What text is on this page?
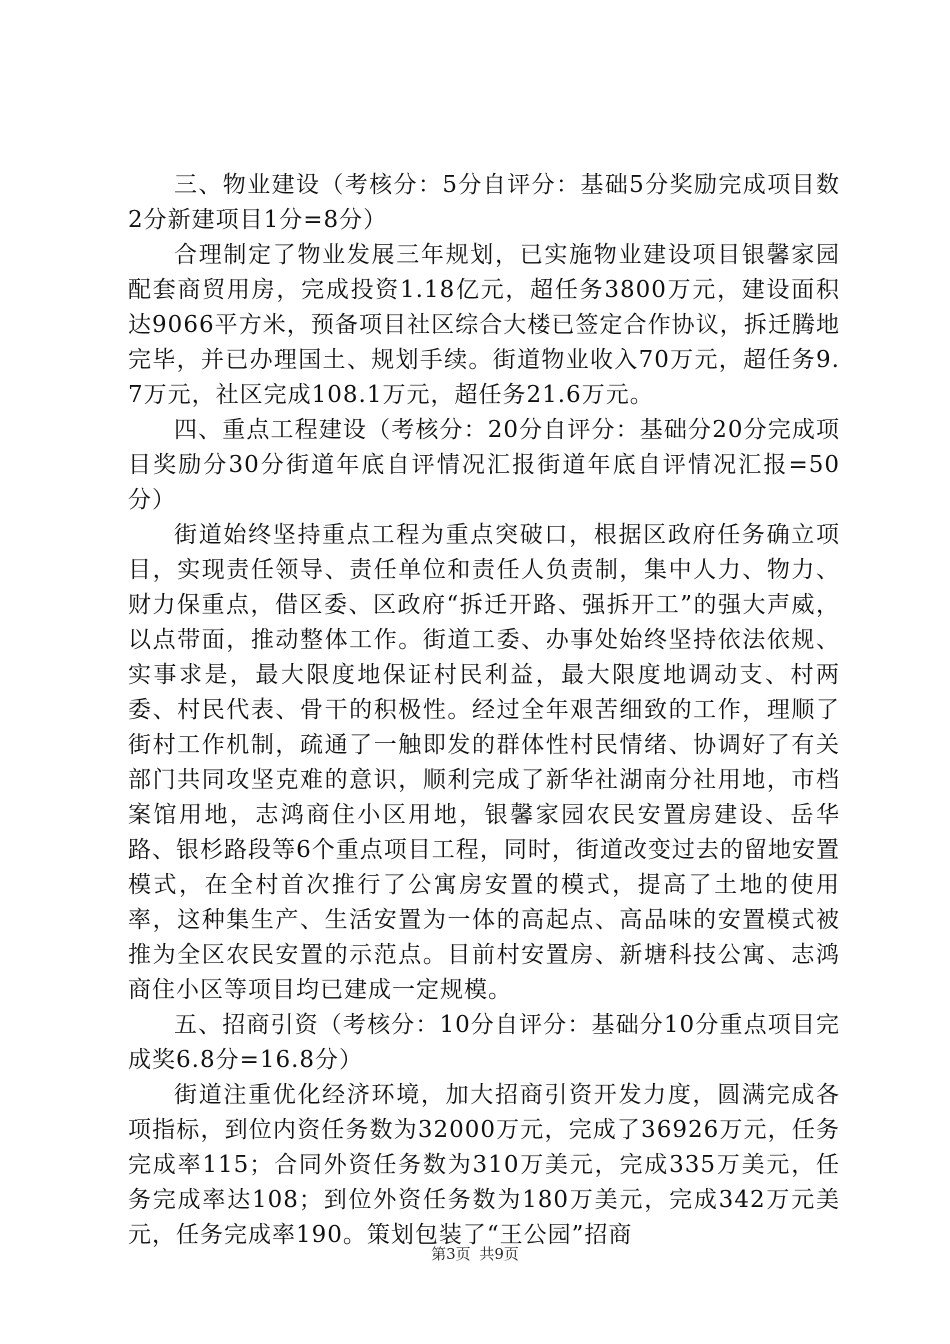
三、物业建设（考核分：5分自评分：基础5分奖励完成项目数2分新建项目1分=8分）

合理制定了物业发展三年规划，已实施物业建设项目银馨家园配套商贸用房，完成投资1.18亿元，超任务3800万元，建设面积达9066平方米，预备项目社区综合大楼已签定合作协议，拆迁腾地完毕，并已办理国土、规划手续。街道物业收入70万元，超任务9.7万元，社区完成108.1万元，超任务21.6万元。

四、重点工程建设（考核分：20分自评分：基础分20分完成项目奖励分30分街道年底自评情况汇报街道年底自评情况汇报=50分）

街道始终坚持重点工程为重点突破口，根据区政府任务确立项目，实现责任领导、责任单位和责任人负责制，集中人力、物力、财力保重点，借区委、区政府“拆迁开路、强拆开工”的强大声威，以点带面，推动整体工作。街道工委、办事处始终坚持依法依规、实事求是，最大限度地保证村民利益，最大限度地调动支、村两委、村民代表、骨干的积极性。经过全年艰苦细致的工作，理顺了街村工作机制，疏通了一触即发的群体性村民情绪、协调好了有关部门共同攻坚克难的意识，顺利完成了新华社湖南分社用地，市档案馆用地，志鸿商住小区用地，银馨家园农民安置房建设、岳华路、银杉路段等6个重点项目工程，同时，街道改变过去的留地安置模式，在全村首次推行了公寓房安置的模式，提高了土地的使用率，这种集生产、生活安置为一体的高起点、高品味的安置模式被推为全区农民安置的示范点。目前村安置房、新塘科技公寓、志鸿商住小区等项目均已建成一定规模。

五、招商引资（考核分：10分自评分：基础分10分重点项目完成奖6.8分=16.8分）

街道注重优化经济环境，加大招商引资开发力度，圆满完成各项指标，到位内资任务数为32000万元，完成了36926万元，任务完成率115；合同外资任务数为310万美元，完成335万美元，任务完成率达108；到位外资任务数为180万美元，完成342万元美元，任务完成率190。策划包装了“王公园”招商

第3页 共9页
